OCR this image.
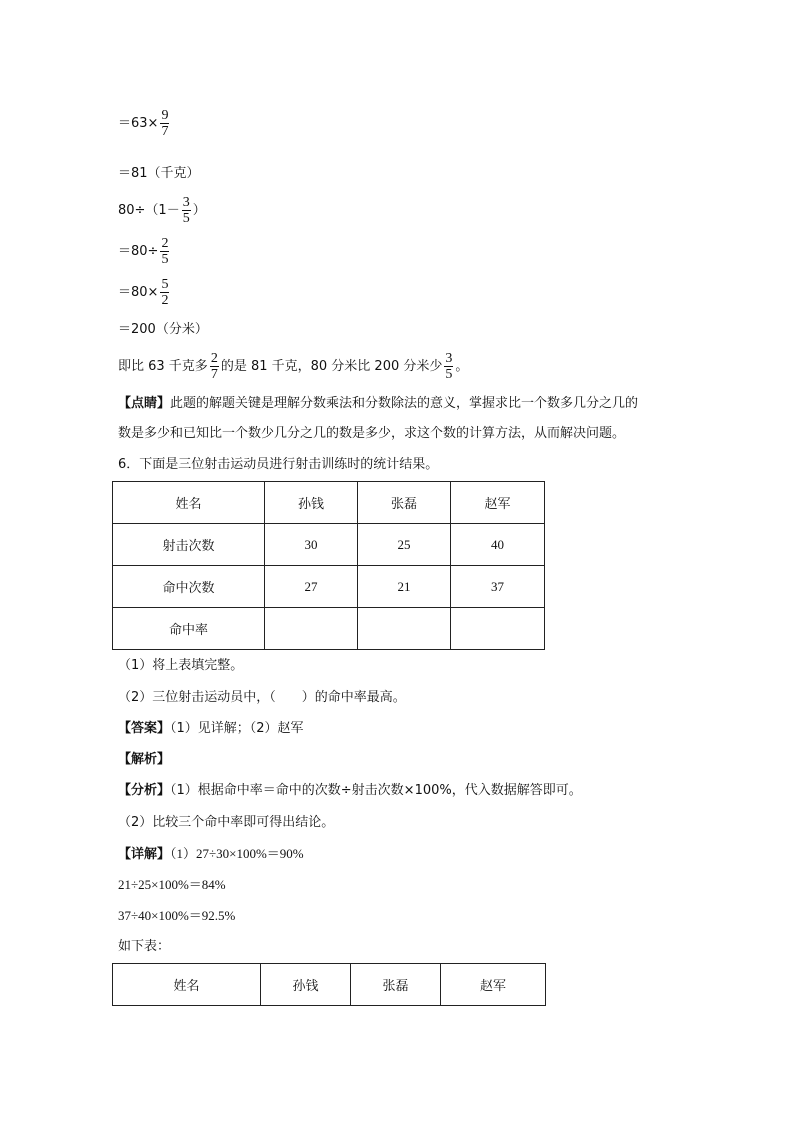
$=63\times \frac{9}{7}$
＝81（千克）
$80\div(1- \frac{3}{5}$ ）
$=80\div \frac{2}{5}$
$=80\times \frac{5}{2}$
＝200（分米）
即比 63 千克多 $\frac{2}{7}$ 的是 81 千克，80 分米比 200 分米少 $\frac{3}{5}$ 。
【点睛】此题的解题关键是理解分数乘法和分数除法的意义，掌握求比一个数多几分之几的
数是多少和已知比一个数少几分之几的数是多少，求这个数的计算方法，从而解决问题。
6．下面是三位射击运动员进行射击训练时的统计结果。
姓名	孙钱	张磊	赵军
射击次数	30	25	40
命中次数	27	21	37
命中率			
（1）将上表填完整。
（2）三位射击运动员中，（　　）的命中率最高。
【答案】（1）见详解；（2）赵军
【解析】
【分析】（1）根据命中率＝命中的次数÷射击次数×100%，代入数据解答即可。
（2）比较三个命中率即可得出结论。
【详解】（1）27÷30×100%＝90%
21÷25×100%＝84%
37÷40×100%＝92.5%
如下表：
姓名	孙钱	张磊	赵军
